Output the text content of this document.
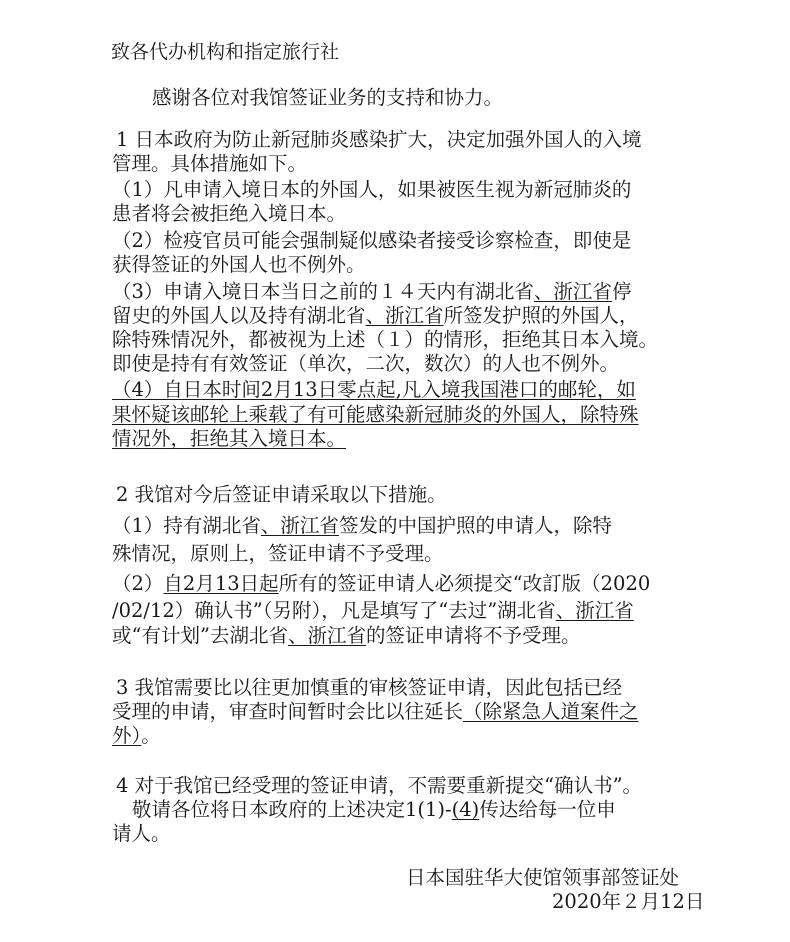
致各代办机构和指定旅行社
感谢各位对我馆签证业务的支持和协力。
1 日本政府为防止新冠肺炎感染扩大，决定加强外国人的入境
管理。具体措施如下。
（1）凡申请入境日本的外国人，如果被医生视为新冠肺炎的
患者将会被拒绝入境日本。
（2）检疫官员可能会强制疑似感染者接受诊察检查，即使是
获得签证的外国人也不例外。
（3）申请入境日本当日之前的１４天内有湖北省、浙江省停
留史的外国人以及持有湖北省、浙江省所签发护照的外国人，
除特殊情况外，都被视为上述（１）的情形，拒绝其日本入境。
即使是持有有效签证（单次，二次，数次）的人也不例外。
（4）自日本时间2月13日零点起,凡入境我国港口的邮轮，如
果怀疑该邮轮上乘载了有可能感染新冠肺炎的外国人，除特殊
情况外，拒绝其入境日本。
2 我馆对今后签证申请采取以下措施。
（1）持有湖北省、浙江省签发的中国护照的申请人，除特
殊情况，原则上，签证申请不予受理。
（2）自2月13日起所有的签证申请人必须提交“改訂版（2020
/02/12）确认书”（另附），凡是填写了“去过”湖北省、浙江省
或“有计划”去湖北省、浙江省的签证申请将不予受理。
3 我馆需要比以往更加慎重的审核签证申请，因此包括已经
受理的申请，审查时间暂时会比以往延长（除紧急人道案件之
外）。
4 对于我馆已经受理的签证申请，不需要重新提交“确认书”。
敬请各位将日本政府的上述决定1(1)-(4)传达给每一位申
请人。
日本国驻华大使馆领事部签证处
2020年２月12日
